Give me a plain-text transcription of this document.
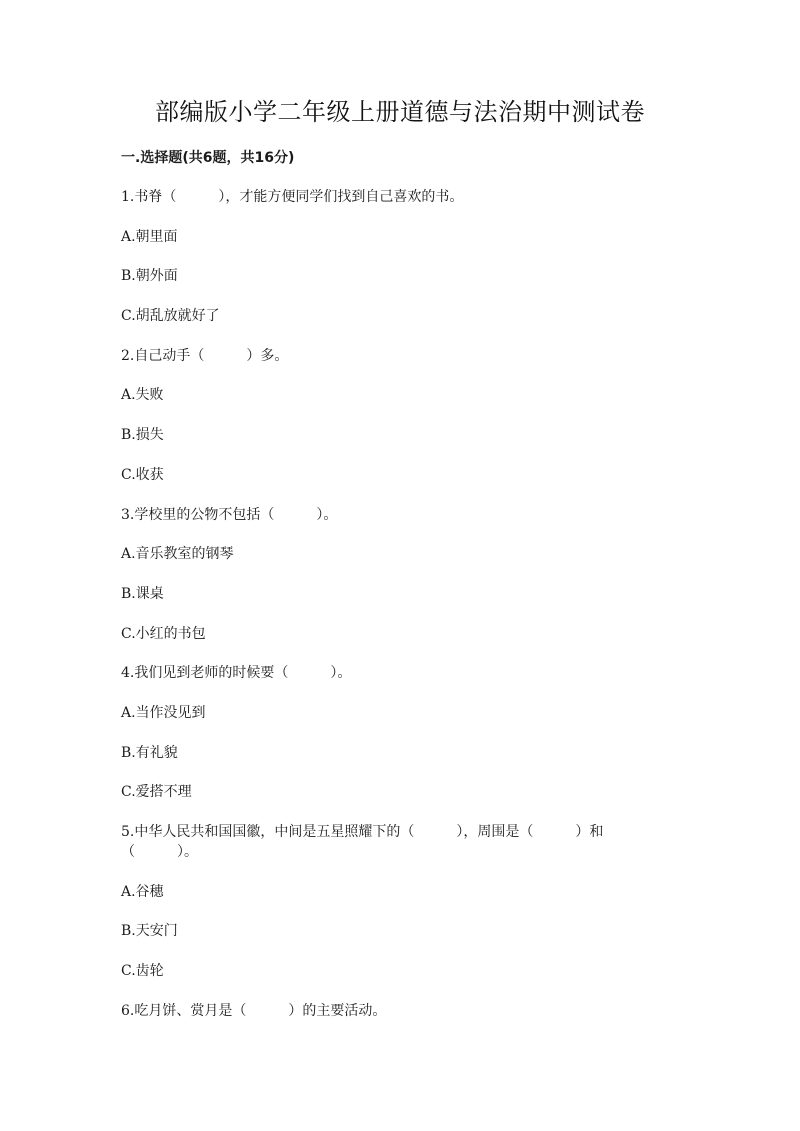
部编版小学二年级上册道德与法治期中测试卷
一.选择题(共6题，共16分)

1.书脊（　　　），才能方便同学们找到自己喜欢的书。

A.朝里面

B.朝外面

C.胡乱放就好了

2.自己动手（　　　）多。

A.失败

B.损失

C.收获

3.学校里的公物不包括（　　　）。

A.音乐教室的钢琴

B.课桌

C.小红的书包

4.我们见到老师的时候要（　　　）。

A.当作没见到

B.有礼貌

C.爱搭不理

5.中华人民共和国国徽，中间是五星照耀下的（　　　），周围是（　　　）和（　　　）。

A.谷穗

B.天安门

C.齿轮

6.吃月饼、赏月是（　　　）的主要活动。
